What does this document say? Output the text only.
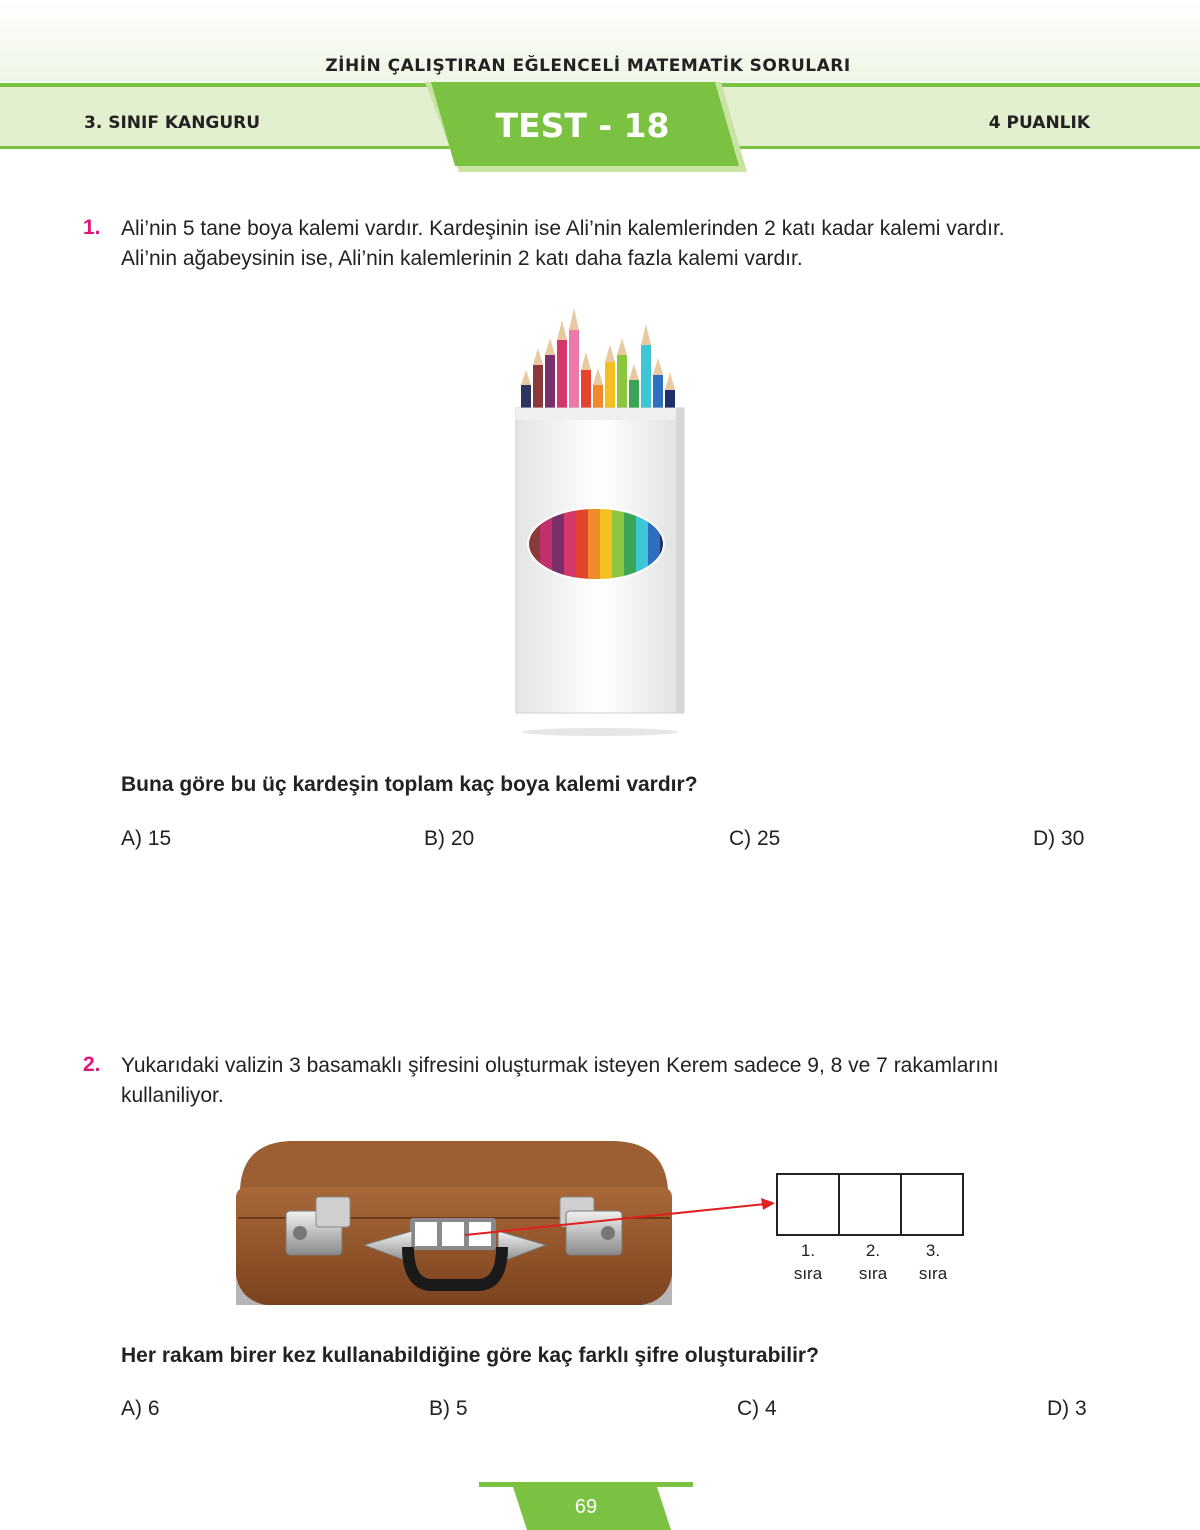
ZİHİN ÇALIŞTIRAN EĞLENCELİ MATEMATİK SORULARI
3. SINIF KANGURU	4 PUANLIK
TEST - 18
1. Ali’nin 5 tane boya kalemi vardır. Kardeşinin ise Ali’nin kalemlerinden 2 katı kadar kalemi vardır.
Ali’nin ağabeysinin ise, Ali’nin kalemlerinin 2 katı daha fazla kalemi vardır.
Buna göre bu üç kardeşin toplam kaç boya kalemi vardır?
A) 15	B) 20	C) 25	D) 30
2. Yukarıdaki valizin 3 basamaklı şifresini oluşturmak isteyen Kerem sadece 9, 8 ve 7 rakamlarını
kullaniliyor.
1.
sıra
2.
sıra
3.
sıra
Her rakam birer kez kullanabildiğine göre kaç farklı şifre oluşturabilir?
A) 6	B) 5	C) 4	D) 3
69
